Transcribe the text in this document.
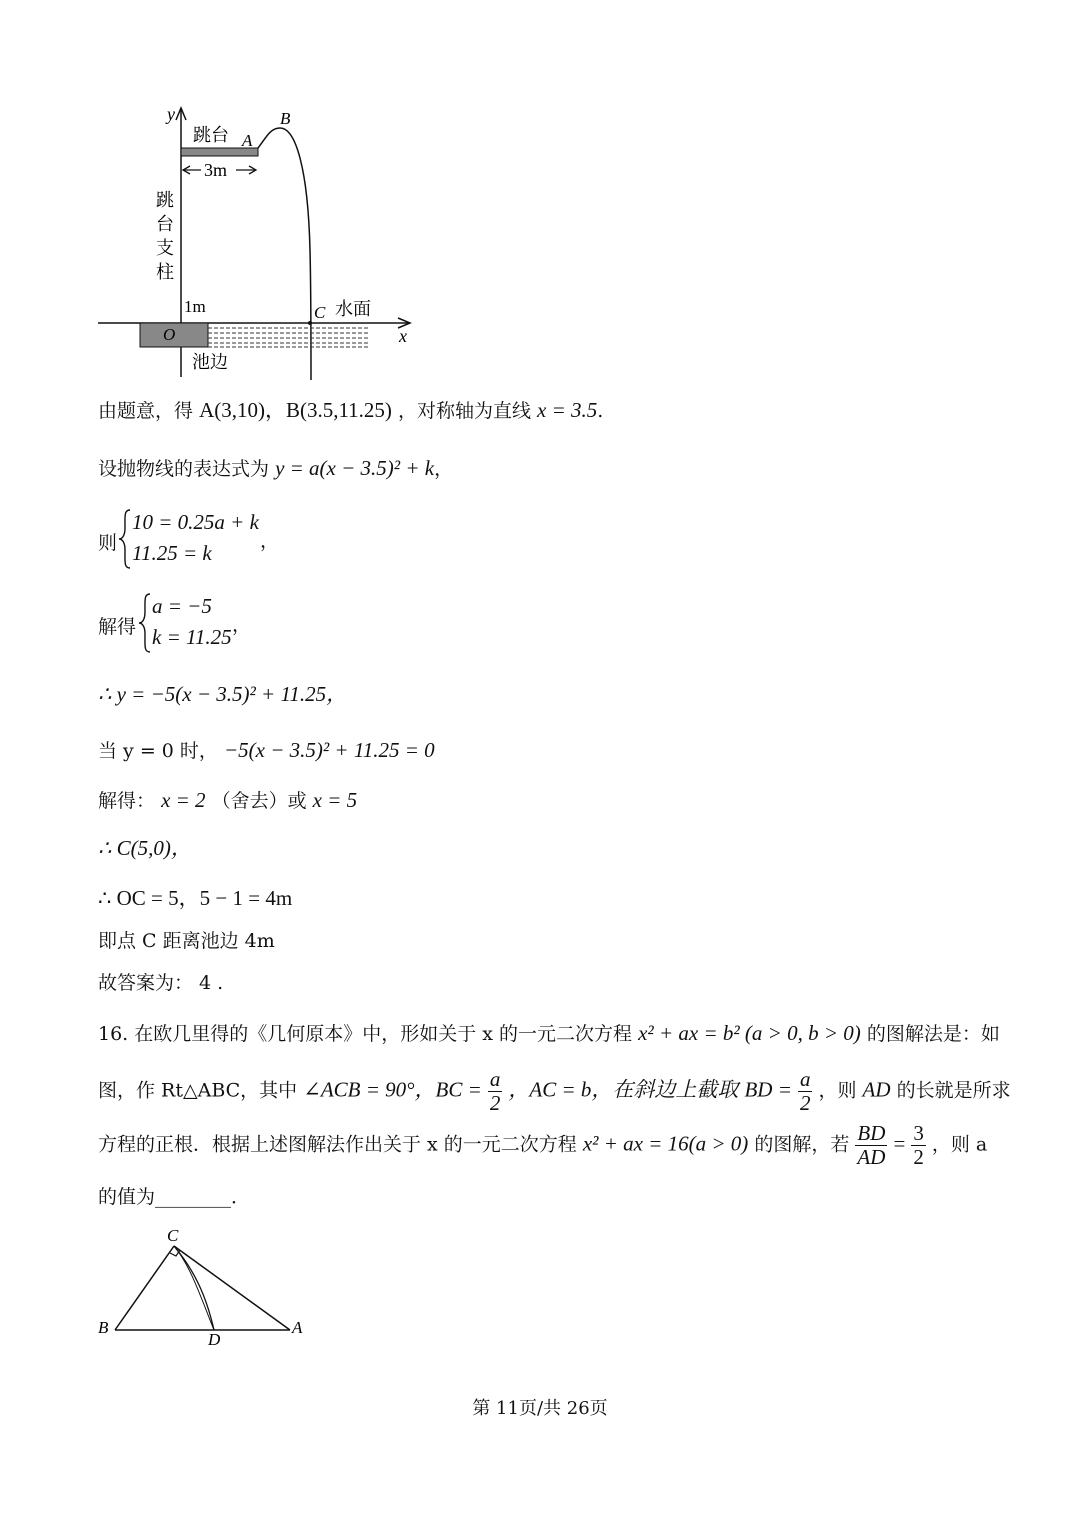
y
x
跳台 A
3m
B
跳
台
支
柱
O
1m	C 水面
池边
由题意，得 A(3,10)，B(3.5,11.25) ，对称轴为直线 x = 3.5.
设抛物线的表达式为 y = a(x − 3.5)² + k，
则
10 = 0.25a + k
11.25 = k	，
解得
a = −5
k = 11.25 ，
∴ y = −5(x − 3.5)² + 11.25，
当 y = 0 时， −5(x − 3.5)² + 11.25 = 0
解得： x = 2 （舍去）或 x = 5
∴ C(5,0)，
∴ OC = 5，5 − 1 = 4m
即点 C 距离池边 4m
故答案为： 4 .
16. 在欧几里得的《几何原本》中，形如关于 x 的一元二次方程 x² + ax = b² (a > 0, b > 0) 的图解法是：如
图，作 Rt△ABC，其中 ∠ACB = 90°，BC = $\frac{a}{2}$ ，AC = b，在斜边上截取 BD = $\frac{a}{2}$ ，则 AD 的长就是所求
方程的正根．根据上述图解法作出关于 x 的一元二次方程 x² + ax = 16(a > 0) 的图解，若 $\frac{BD}{AD} = \frac{3}{2}$ ，则 a
的值为________．
C
B
D
A
第 11页/共 26页
